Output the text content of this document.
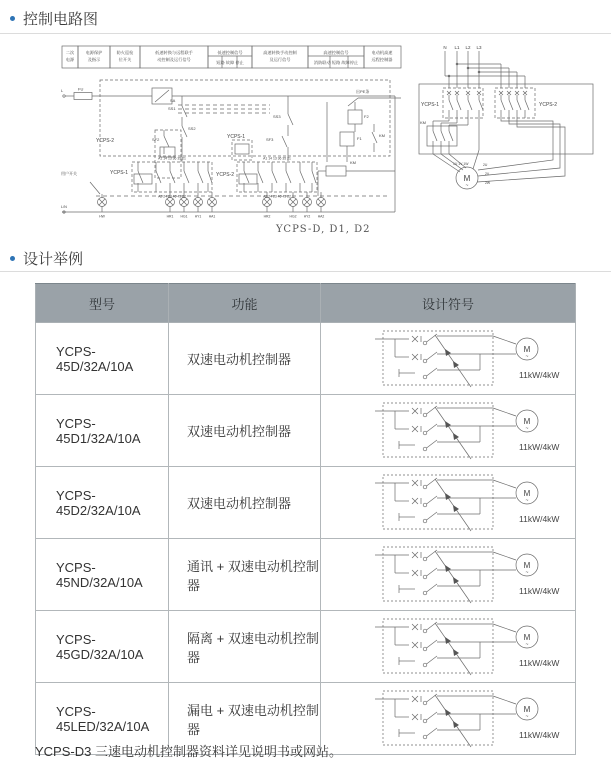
控制电路图
二次
电源
电源保护
及指示
防火巡检
位开关
低速转换与远程联手
动控制及运行信号
低速控制信号
短路 故障 停止
高速转换手动控制
及运行信号
高速控制信号
消防联动 短路 故障停止
电动机高速
远程控制器
L	FU	出PE条
SA
SS1
SS2
SF2
YCPS-2
SS3
SF3
F2
F1
KM
YCPS-1
YCPS-1
A1 14 13 36 35 21
A2 24 23 46 45 22
YCPS-2
A1 14 13 36 35 21
A2 24 23 46 45 22
KM
用户开关
L/N
HW	HR1 HG1 HY1 HA1	HR2	HG2 HY2 HA2
YCPS-D, D1, D2
N L1 L2 L3
YCPS-1	YCPS-2
KM
1U 1V 1W	2U
2V
2W
M
~
设计举例
型号	功能	设计符号
YCPS-45D/32A/10A	双速电动机控制器	M
~
11kW/4kW

YCPS-45D1/32A/10A	双速电动机控制器	M
~
11kW/4kW

YCPS-45D2/32A/10A	双速电动机控制器	M
~
11kW/4kW

YCPS-45ND/32A/10A	通讯 + 双速电动机控制器	M
~
11kW/4kW

YCPS-45GD/32A/10A	隔离 + 双速电动机控制器	M
~
11kW/4kW

YCPS-45LED/32A/10A	漏电 + 双速电动机控制器	M
~
11kW/4kW
YCPS-D3 三速电动机控制器资料详见说明书或网站。
